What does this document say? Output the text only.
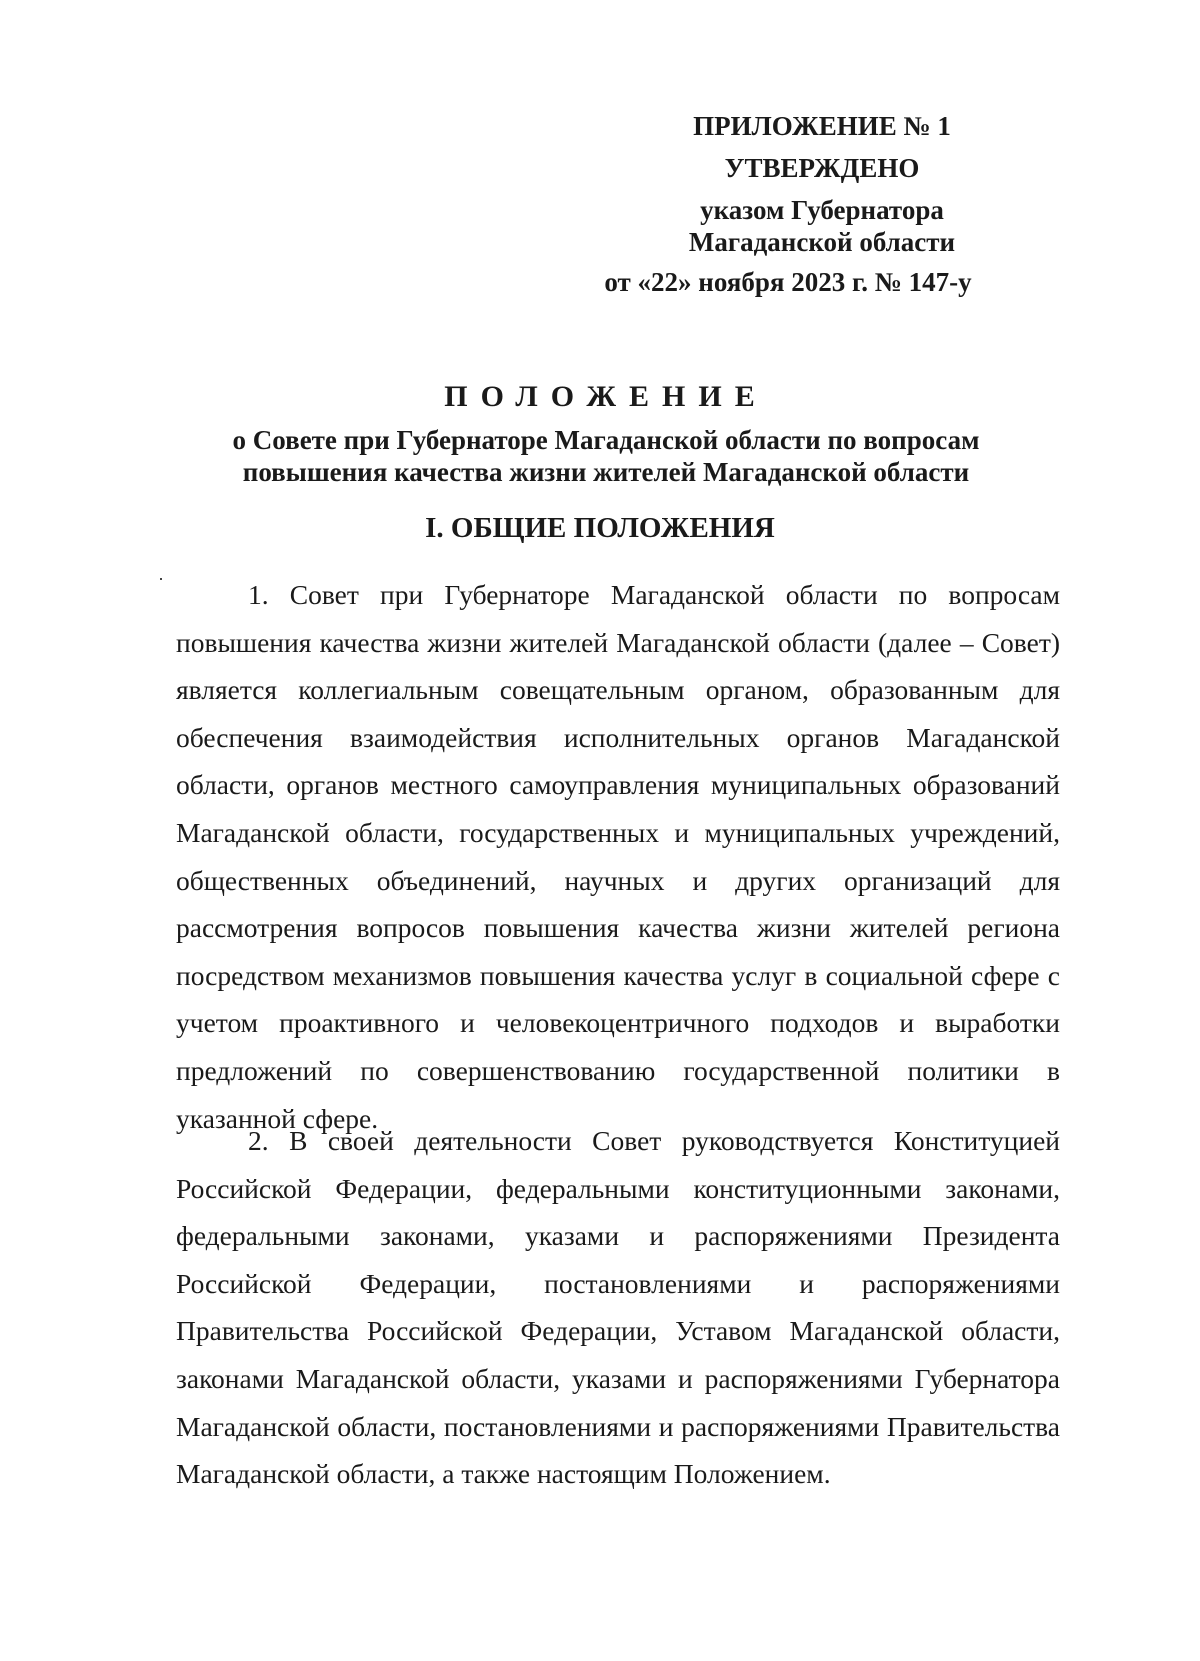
ПРИЛОЖЕНИЕ № 1
УТВЕРЖДЕНО
указом Губернатора
Магаданской области
от «22» ноября 2023 г. № 147-у
ПОЛОЖЕНИЕ
о Совете при Губернаторе Магаданской области по вопросам
повышения качества жизни жителей Магаданской области
I. ОБЩИЕ ПОЛОЖЕНИЯ

1. Совет при Губернаторе Магаданской области по вопросам повышения качества жизни жителей Магаданской области (далее – Совет) является коллегиальным совещательным органом, образованным для обеспечения взаимодействия исполнительных органов Магаданской области, органов местного самоуправления муниципальных образований Магаданской области, государственных и муниципальных учреждений, общественных объединений, научных и других организаций для рассмотрения вопросов повышения качества жизни жителей региона посредством механизмов повышения качества услуг в социальной сфере с учетом проактивного и человекоцентричного подходов и выработки предложений по совершенствованию государственной политики в указанной сфере.

2. В своей деятельности Совет руководствуется Конституцией Российской Федерации, федеральными конституционными законами, федеральными законами, указами и распоряжениями Президента Российской Федерации, постановлениями и распоряжениями Правительства Российской Федерации, Уставом Магаданской области, законами Магаданской области, указами и распоряжениями Губернатора Магаданской области, постановлениями и распоряжениями Правительства Магаданской области, а также настоящим Положением.
